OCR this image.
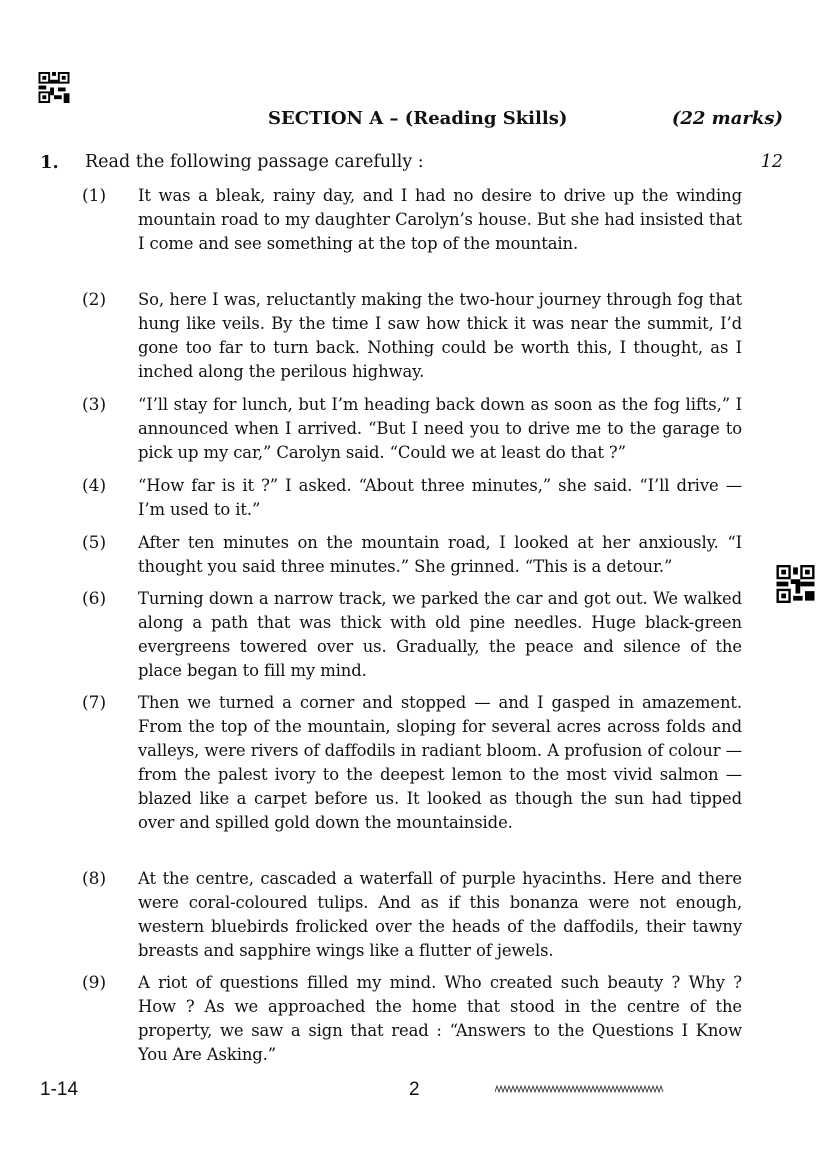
SECTION A – (Reading Skills)	(22 marks)
1. Read the following passage carefully :	12
(1) It was a bleak, rainy day, and I had no desire to drive up the winding mountain road to my daughter Carolyn’s house. But she had insisted that I come and see something at the top of the mountain.
(2) So, here I was, reluctantly making the two-hour journey through fog that hung like veils. By the time I saw how thick it was near the summit, I’d gone too far to turn back. Nothing could be worth this, I thought, as I inched along the perilous highway.
(3) “I’ll stay for lunch, but I’m heading back down as soon as the fog lifts,” I announced when I arrived. “But I need you to drive me to the garage to pick up my car,” Carolyn said. “Could we at least do that ?”
(4) “How far is it ?” I asked. “About three minutes,” she said. “I’ll drive — I’m used to it.”
(5) After ten minutes on the mountain road, I looked at her anxiously. “I thought you said three minutes.” She grinned. “This is a detour.”
(6) Turning down a narrow track, we parked the car and got out. We walked along a path that was thick with old pine needles. Huge black-green evergreens towered over us. Gradually, the peace and silence of the place began to fill my mind.
(7) Then we turned a corner and stopped — and I gasped in amazement. From the top of the mountain, sloping for several acres across folds and valleys, were rivers of daffodils in radiant bloom. A profusion of colour — from the palest ivory to the deepest lemon to the most vivid salmon — blazed like a carpet before us. It looked as though the sun had tipped over and spilled gold down the mountainside.
(8) At the centre, cascaded a waterfall of purple hyacinths. Here and there were coral-coloured tulips. And as if this bonanza were not enough, western bluebirds frolicked over the heads of the daffodils, their tawny breasts and sapphire wings like a flutter of jewels.
(9) A riot of questions filled my mind. Who created such beauty ? Why ? How ? As we approached the home that stood in the centre of the property, we saw a sign that read : “Answers to the Questions I Know You Are Asking.”
1-14	2
